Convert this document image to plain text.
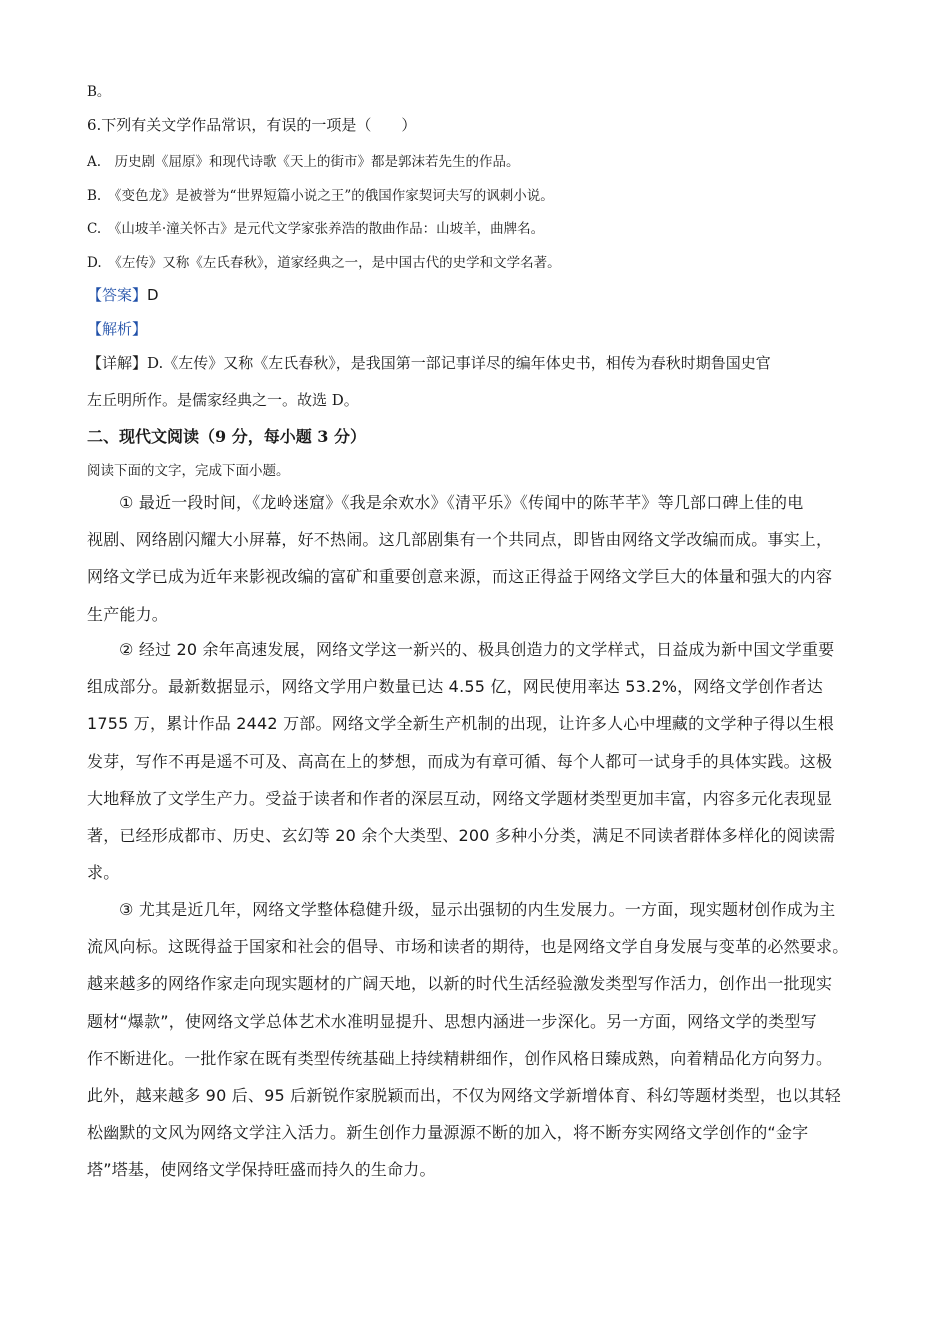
B。
6.下列有关文学作品常识，有误的一项是（　　）
A.　历史剧《屈原》和现代诗歌《天上的街市》都是郭沫若先生的作品。
B.　《变色龙》是被誉为“世界短篇小说之王”的俄国作家契诃夫写的讽刺小说。
C.　《山坡羊·潼关怀古》是元代文学家张养浩的散曲作品：山坡羊，曲牌名。
D.　《左传》又称《左氏春秋》，道家经典之一，是中国古代的史学和文学名著。
【答案】D
【解析】
【详解】D.《左传》又称《左氏春秋》，是我国第一部记事详尽的编年体史书，相传为春秋时期鲁国史官
左丘明所作。是儒家经典之一。故选 D。
二、现代文阅读（9 分，每小题 3 分）
阅读下面的文字，完成下面小题。
① 最近一段时间，《龙岭迷窟》《我是余欢水》《清平乐》《传闻中的陈芊芊》等几部口碑上佳的电
视剧、网络剧闪耀大小屏幕，好不热闹。这几部剧集有一个共同点，即皆由网络文学改编而成。事实上，
网络文学已成为近年来影视改编的富矿和重要创意来源，而这正得益于网络文学巨大的体量和强大的内容
生产能力。
② 经过 20 余年高速发展，网络文学这一新兴的、极具创造力的文学样式，日益成为新中国文学重要
组成部分。最新数据显示，网络文学用户数量已达 4.55 亿，网民使用率达 53.2%，网络文学创作者达
1755 万，累计作品 2442 万部。网络文学全新生产机制的出现，让许多人心中埋藏的文学种子得以生根
发芽，写作不再是遥不可及、高高在上的梦想，而成为有章可循、每个人都可一试身手的具体实践。这极
大地释放了文学生产力。受益于读者和作者的深层互动，网络文学题材类型更加丰富，内容多元化表现显
著，已经形成都市、历史、玄幻等 20 余个大类型、200 多种小分类，满足不同读者群体多样化的阅读需
求。
③ 尤其是近几年，网络文学整体稳健升级，显示出强韧的内生发展力。一方面，现实题材创作成为主
流风向标。这既得益于国家和社会的倡导、市场和读者的期待，也是网络文学自身发展与变革的必然要求。
越来越多的网络作家走向现实题材的广阔天地，以新的时代生活经验激发类型写作活力，创作出一批现实
题材“爆款”，使网络文学总体艺术水准明显提升、思想内涵进一步深化。另一方面，网络文学的类型写
作不断进化。一批作家在既有类型传统基础上持续精耕细作，创作风格日臻成熟，向着精品化方向努力。
此外，越来越多 90 后、95 后新锐作家脱颖而出，不仅为网络文学新增体育、科幻等题材类型，也以其轻
松幽默的文风为网络文学注入活力。新生创作力量源源不断的加入，将不断夯实网络文学创作的“金字
塔”塔基，使网络文学保持旺盛而持久的生命力。
